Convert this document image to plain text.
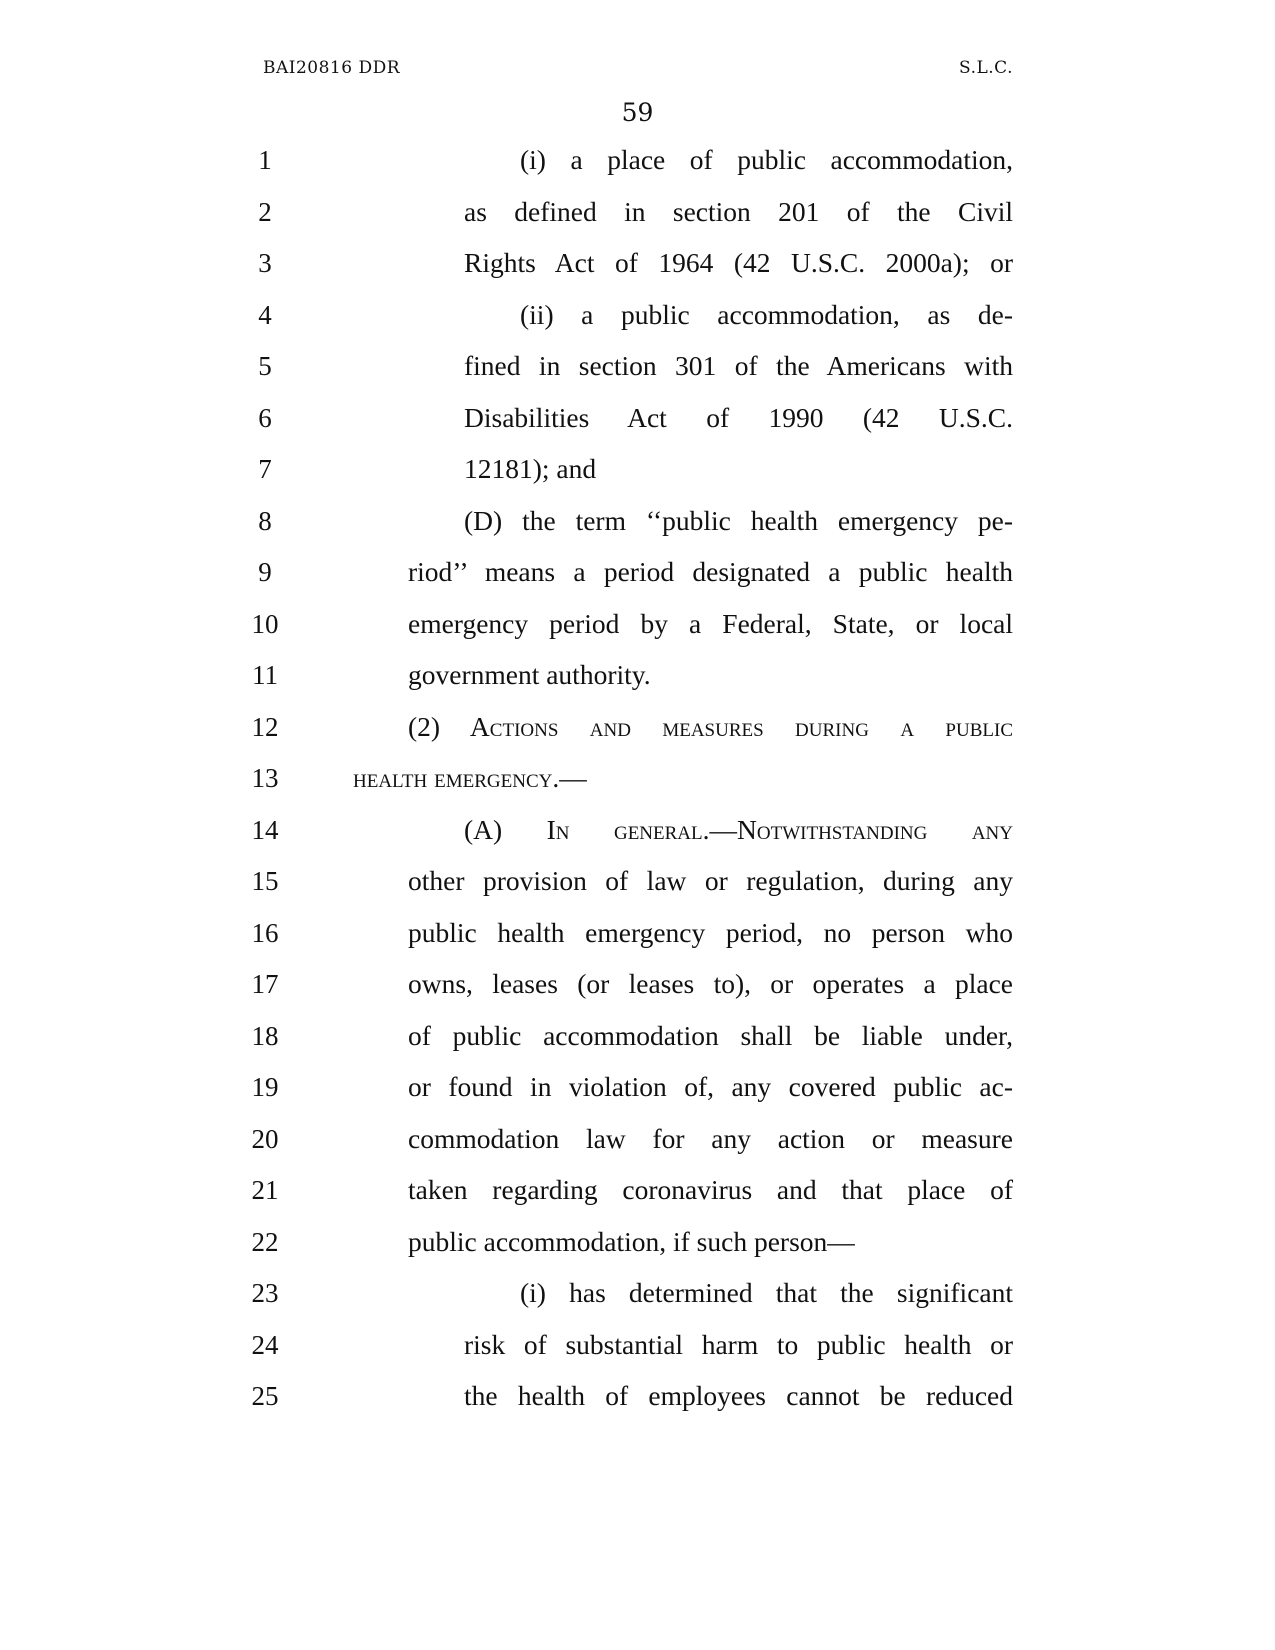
BAI20816 DDR	S.L.C.
59
1	(i) a place of public accommodation,
2	as defined in section 201 of the Civil
3	Rights Act of 1964 (42 U.S.C. 2000a); or
4	(ii) a public accommodation, as de-
5	fined in section 301 of the Americans with
6	Disabilities Act of 1990 (42 U.S.C.
7	12181); and
8	(D) the term ‘‘public health emergency pe-
9	riod’’ means a period designated a public health
10	emergency period by a Federal, State, or local
11	government authority.
12	(2) Actions and measures during a public
13	health emergency.—
14	(A) In general.—Notwithstanding any
15	other provision of law or regulation, during any
16	public health emergency period, no person who
17	owns, leases (or leases to), or operates a place
18	of public accommodation shall be liable under,
19	or found in violation of, any covered public ac-
20	commodation law for any action or measure
21	taken regarding coronavirus and that place of
22	public accommodation, if such person—
23	(i) has determined that the significant
24	risk of substantial harm to public health or
25	the health of employees cannot be reduced
